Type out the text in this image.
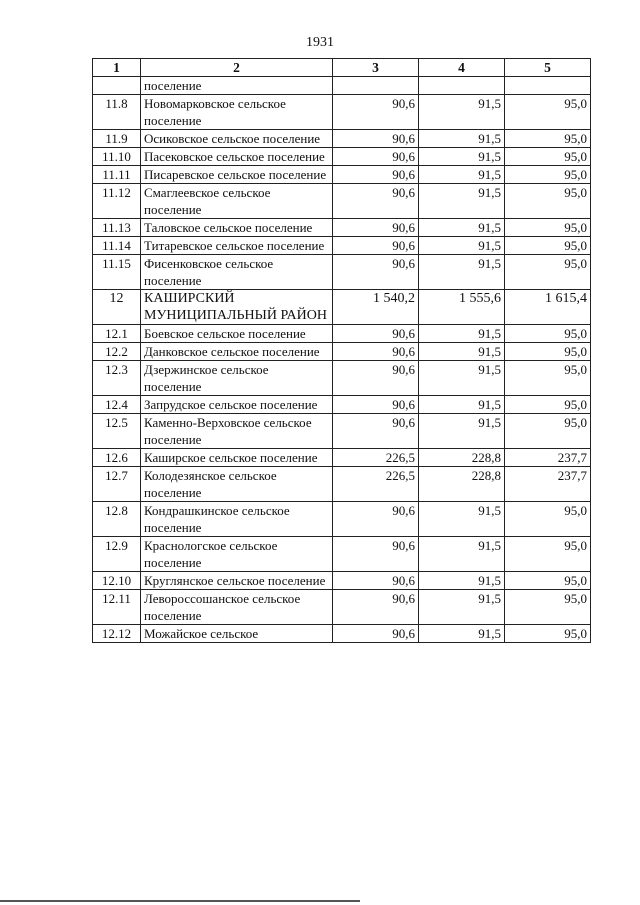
1931
1	2	3	4	5
	поселение			
11.8	Новомарковское сельское поселение	90,6	91,5	95,0
11.9	Осиковское сельское поселение	90,6	91,5	95,0
11.10	Пасековское сельское поселение	90,6	91,5	95,0
11.11	Писаревское сельское поселение	90,6	91,5	95,0
11.12	Смаглеевское сельское поселение	90,6	91,5	95,0
11.13	Таловское сельское поселение	90,6	91,5	95,0
11.14	Титаревское сельское поселение	90,6	91,5	95,0
11.15	Фисенковское сельское поселение	90,6	91,5	95,0
12	КАШИРСКИЙ МУНИЦИПАЛЬНЫЙ РАЙОН	1 540,2	1 555,6	1 615,4
12.1	Боевское сельское поселение	90,6	91,5	95,0
12.2	Данковское сельское поселение	90,6	91,5	95,0
12.3	Дзержинское сельское поселение	90,6	91,5	95,0
12.4	Запрудское сельское поселение	90,6	91,5	95,0
12.5	Каменно-Верховское сельское поселение	90,6	91,5	95,0
12.6	Каширское сельское поселение	226,5	228,8	237,7
12.7	Колодезянское сельское поселение	226,5	228,8	237,7
12.8	Кондрашкинское сельское поселение	90,6	91,5	95,0
12.9	Краснологское сельское поселение	90,6	91,5	95,0
12.10	Круглянское сельское поселение	90,6	91,5	95,0
12.11	Левороссошанское сельское поселение	90,6	91,5	95,0
12.12	Можайское сельское	90,6	91,5	95,0
